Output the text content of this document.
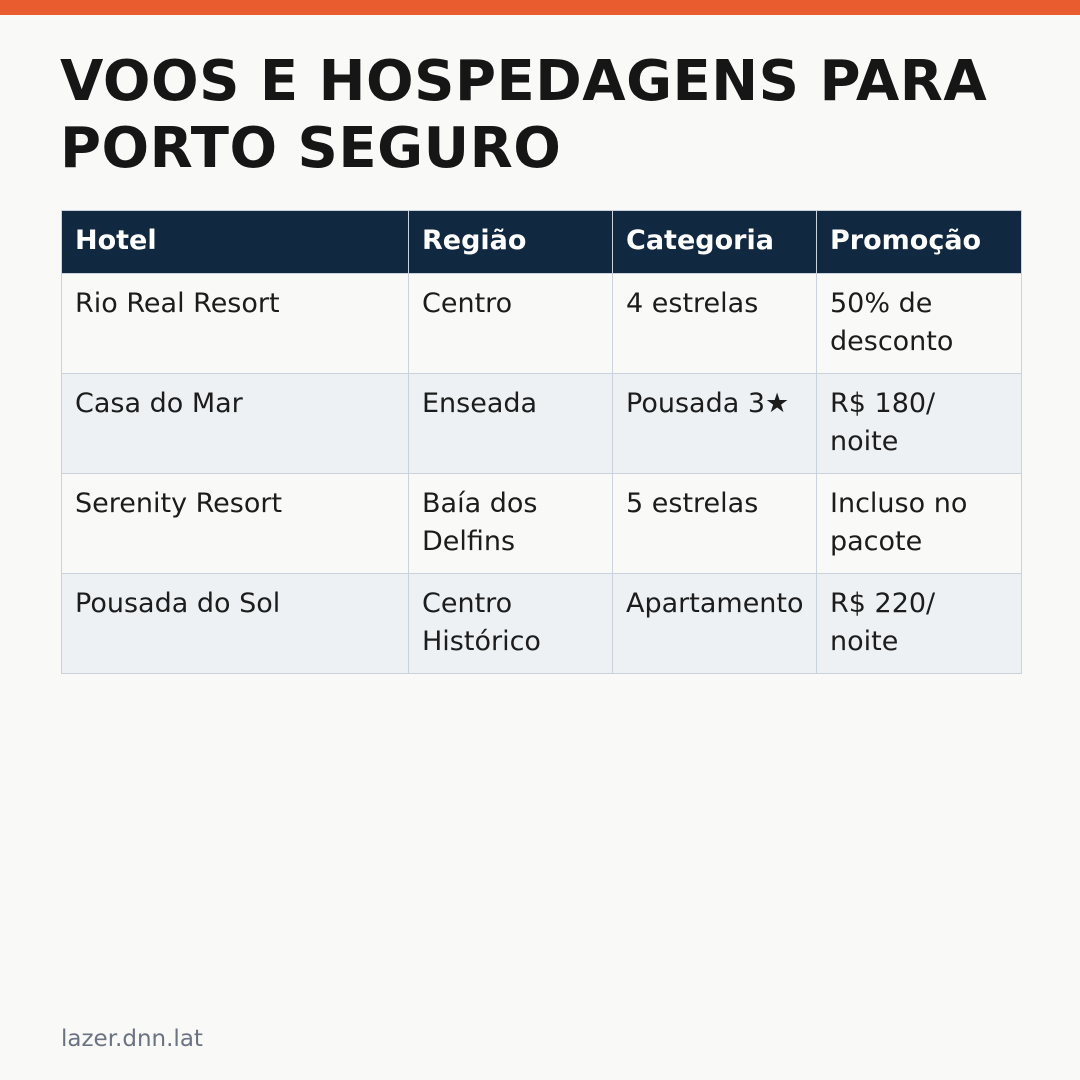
VOOS E HOSPEDAGENS PARA PORTO SEGURO
Hotel	Região	Categoria	Promoção
Rio Real Resort	Centro	4 estrelas	50% de desconto
Casa do Mar	Enseada	Pousada 3★	R$ 180/ noite
Serenity Resort	Baía dos Delfins	5 estrelas	Incluso no pacote
Pousada do Sol	Centro Histórico	Apartamento	R$ 220/ noite
lazer.dnn.lat
